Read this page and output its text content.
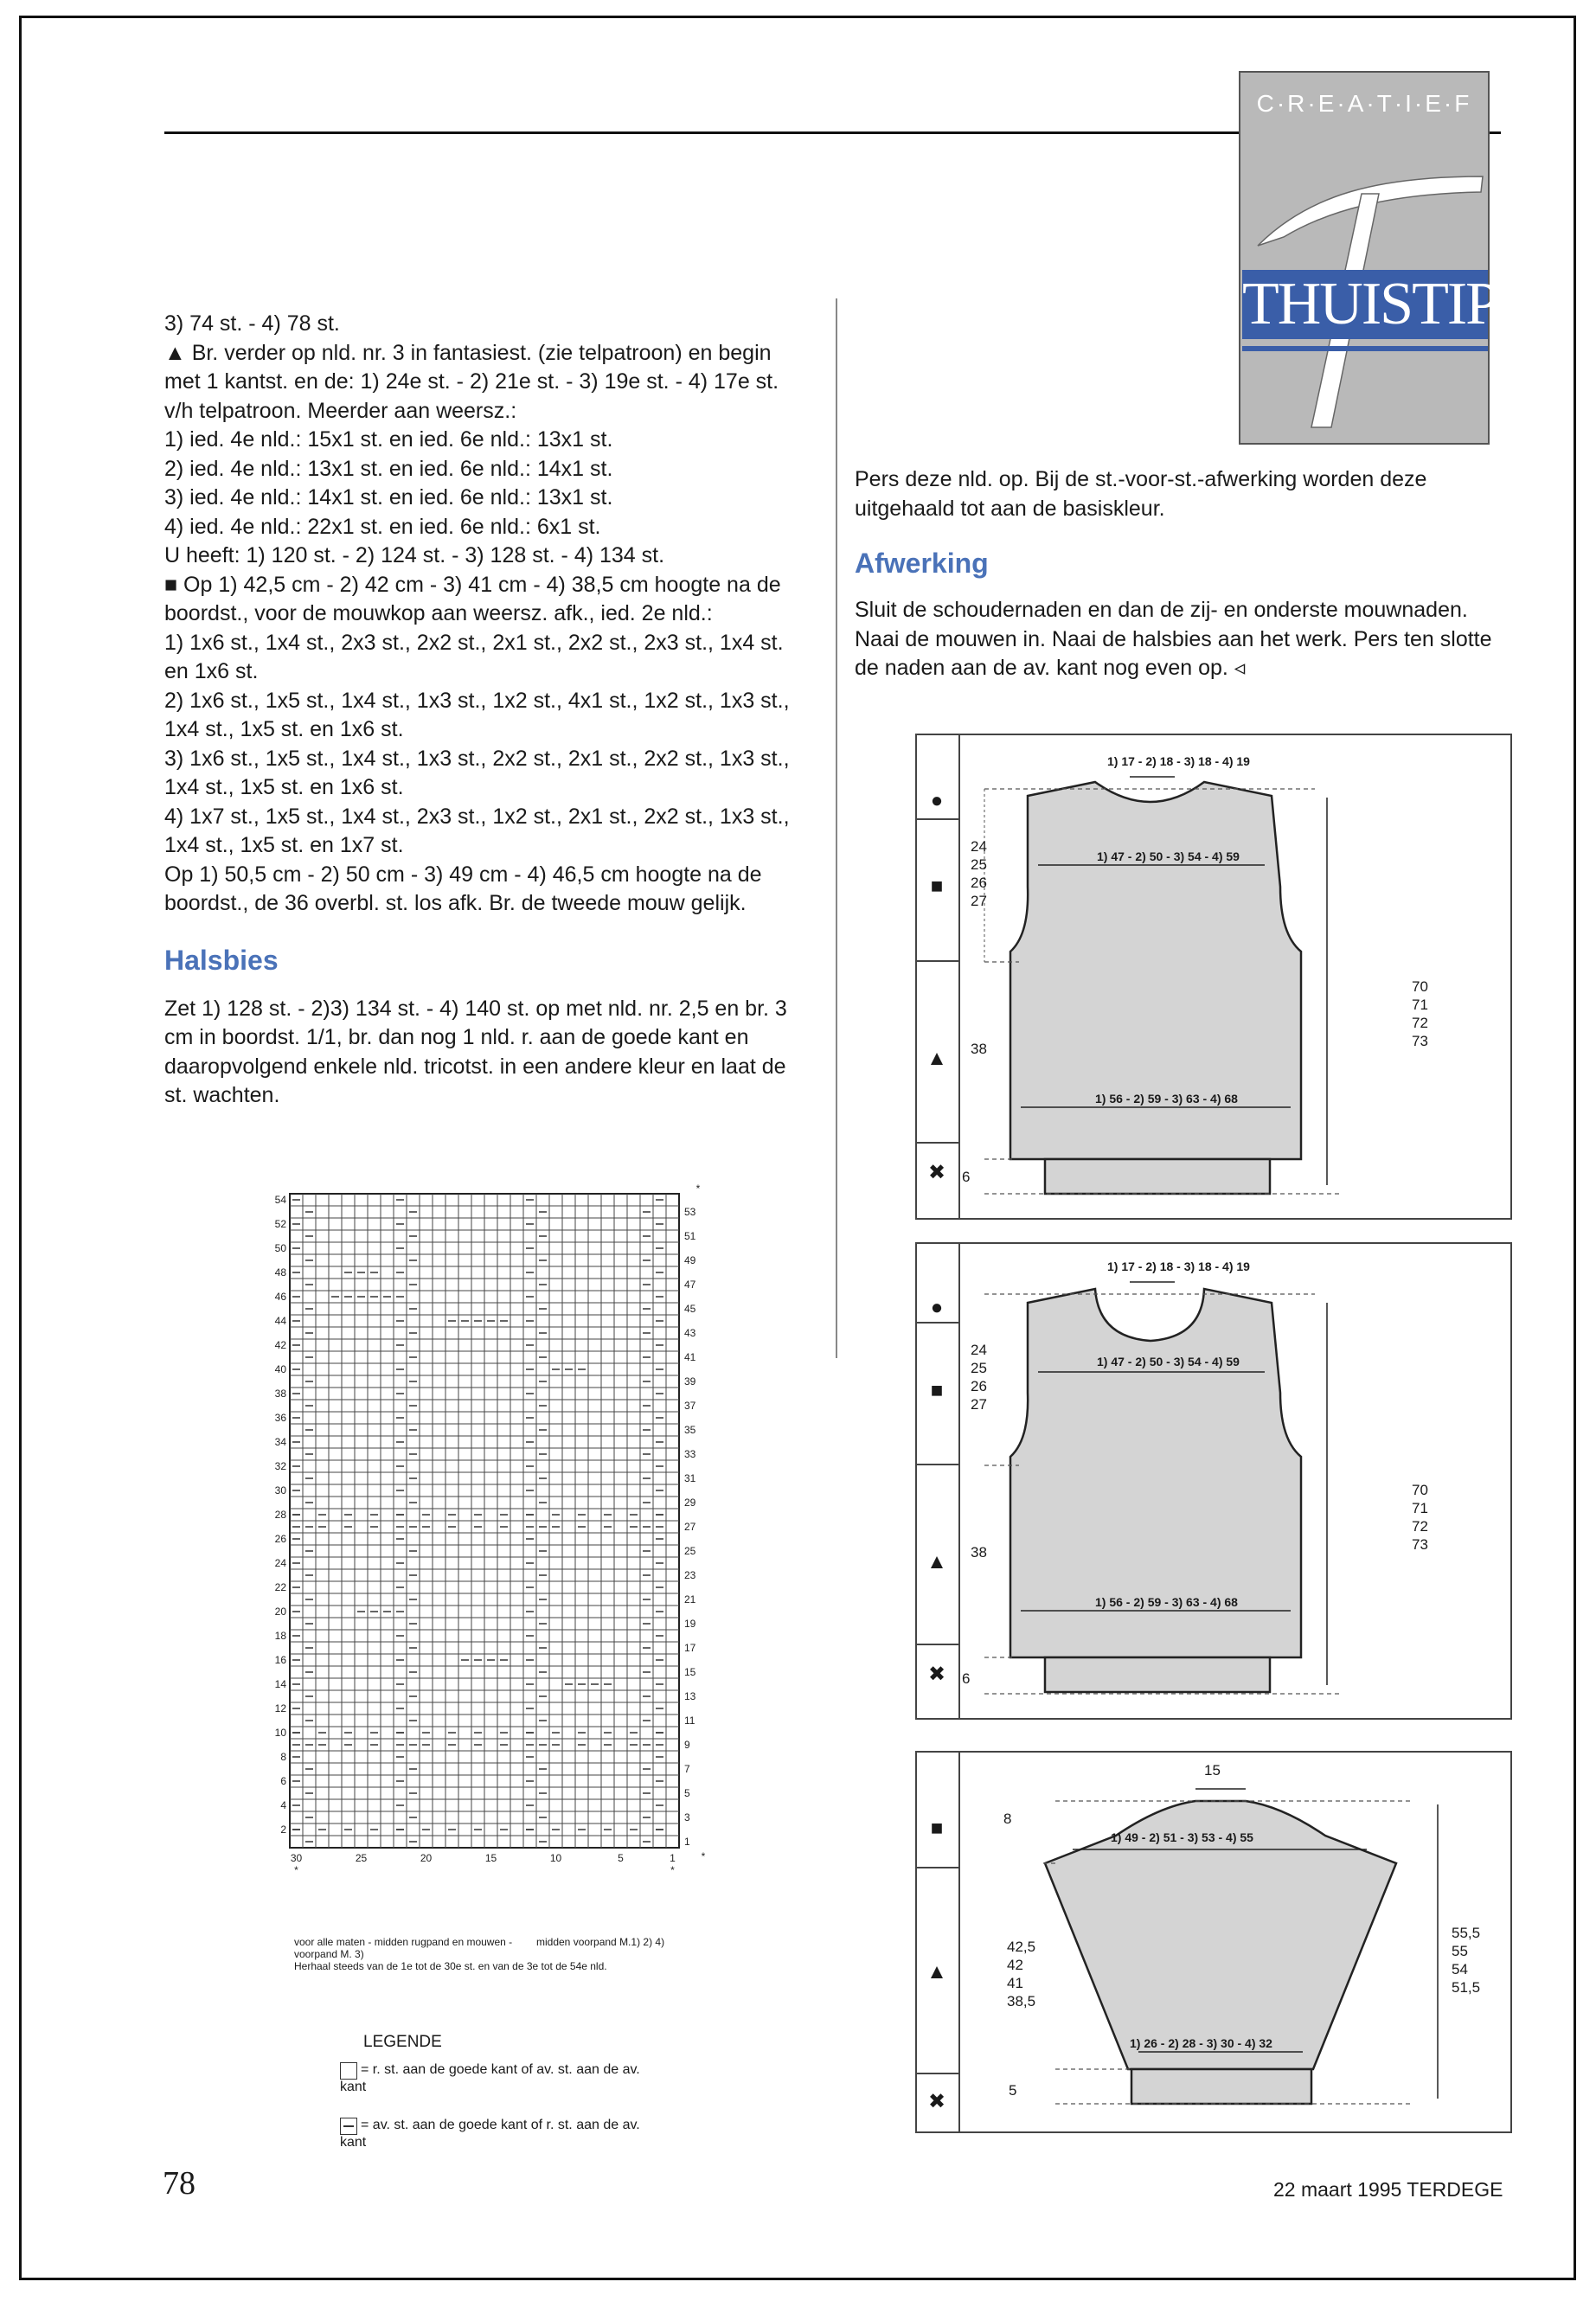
C·R·E·A·T·I·E·F
THUISTIPS

3) 74 st. - 4) 78 st.

▲ Br. verder op nld. nr. 3 in fantasiest. (zie telpatroon) en begin met 1 kantst. en de: 1) 24e st. - 2) 21e st. - 3) 19e st. - 4) 17e st. v/h telpatroon. Meerder aan weersz.:

1) ied. 4e nld.: 15x1 st. en ied. 6e nld.: 13x1 st.

2) ied. 4e nld.: 13x1 st. en ied. 6e nld.: 14x1 st.

3) ied. 4e nld.: 14x1 st. en ied. 6e nld.: 13x1 st.

4) ied. 4e nld.: 22x1 st. en ied. 6e nld.: 6x1 st.

U heeft: 1) 120 st. - 2) 124 st. - 3) 128 st. - 4) 134 st.

■ Op 1) 42,5 cm - 2) 42 cm - 3) 41 cm - 4) 38,5 cm hoogte na de boordst., voor de mouwkop aan weersz. afk., ied. 2e nld.:

1) 1x6 st., 1x4 st., 2x3 st., 2x2 st., 2x1 st., 2x2 st., 2x3 st., 1x4 st. en 1x6 st.

2) 1x6 st., 1x5 st., 1x4 st., 1x3 st., 1x2 st., 4x1 st., 1x2 st., 1x3 st., 1x4 st., 1x5 st. en 1x6 st.

3) 1x6 st., 1x5 st., 1x4 st., 1x3 st., 2x2 st., 2x1 st., 2x2 st., 1x3 st., 1x4 st., 1x5 st. en 1x6 st.

4) 1x7 st., 1x5 st., 1x4 st., 2x3 st., 1x2 st., 2x1 st., 2x2 st., 1x3 st., 1x4 st., 1x5 st. en 1x7 st.

Op 1) 50,5 cm - 2) 50 cm - 3) 49 cm - 4) 46,5 cm hoogte na de boordst., de 36 overbl. st. los afk. Br. de tweede mouw gelijk.

Halsbies

Zet 1) 128 st. - 2)3) 134 st. - 4) 140 st. op met nld. nr. 2,5 en br. 3 cm in boordst. 1/1, br. dan nog 1 nld. r. aan de goede kant en daaropvolgend enkele nld. tricotst. in een andere kleur en laat de st. wachten.

Pers deze nld. op. Bij de st.-voor-st.-afwerking worden deze uitgehaald tot aan de basiskleur.

Afwerking

Sluit de schoudernaden en dan de zij- en onderste mouwnaden. Naai de mouwen in. Naai de halsbies aan het werk. Pers ten slotte de naden aan de av. kant nog even op. ◃

54
52
50
48
46
44
42
40
38
36
34
32
30
28
26
24
22
20
18
16
14
12
10
8
6
4
2
53
51
49
47
45
43
41
39
37
35
33
31
29
27
25
23
21
19
17
15
13
11
9
7
5
3
1
30	25	20	15	10	5	1
*	*
*
*
voor alle maten - midden rugpand en mouwen - voorpand M. 3)
midden voorpand M.1) 2) 4)
Herhaal steeds van de 1e tot de 30e st. en van de 3e tot de 54e nld.
LEGENDE
= r. st. aan de goede kant of av. st. aan de av. kant
= av. st. aan de goede kant of r. st. aan de av. kant
●
■
▲
✖
1) 17 - 2) 18 - 3) 18 - 4) 19
1) 47 - 2) 50 - 3) 54 - 4) 59
1) 56 - 2) 59 - 3) 63 - 4) 68
24
25
26
27
38
70
71
72
73
6
●
■
▲
✖
1) 17 - 2) 18 - 3) 18 - 4) 19
1) 47 - 2) 50 - 3) 54 - 4) 59
1) 56 - 2) 59 - 3) 63 - 4) 68
24
25
26
27
38
70
71
72
73
6
■
▲
✖
15
8
1) 49 - 2) 51 - 3) 53 - 4) 55
1) 26 - 2) 28 - 3) 30 - 4) 32
42,5
42
41
38,5
55,5
55
54
51,5
5
78	22 maart 1995 TERDEGE
